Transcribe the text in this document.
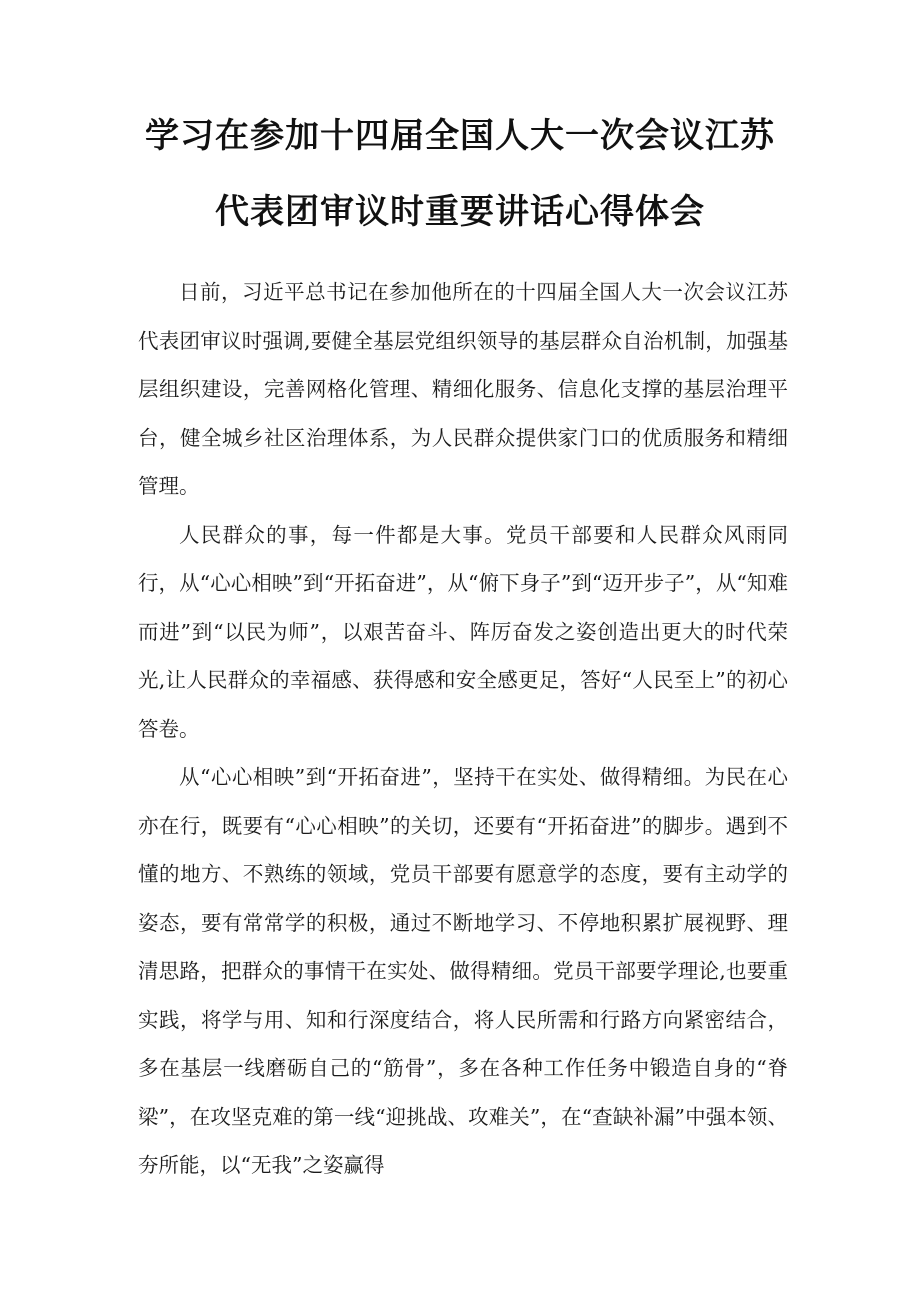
学习在参加十四届全国人大一次会议江苏
代表团审议时重要讲话心得体会

日前，习近平总书记在参加他所在的十四届全国人大一次会议江苏代表团审议时强调,要健全基层党组织领导的基层群众自治机制，加强基层组织建设，完善网格化管理、精细化服务、信息化支撑的基层治理平台，健全城乡社区治理体系，为人民群众提供家门口的优质服务和精细管理。

人民群众的事，每一件都是大事。党员干部要和人民群众风雨同行，从“心心相映”到“开拓奋进”，从“俯下身子”到“迈开步子”，从“知难而进”到“以民为师”，以艰苦奋斗、阵厉奋发之姿创造出更大的时代荣光,让人民群众的幸福感、获得感和安全感更足，答好“人民至上”的初心答卷。

从“心心相映”到“开拓奋进”，坚持干在实处、做得精细。为民在心亦在行，既要有“心心相映”的关切，还要有“开拓奋进”的脚步。遇到不懂的地方、不熟练的领域，党员干部要有愿意学的态度，要有主动学的姿态，要有常常学的积极，通过不断地学习、不停地积累扩展视野、理清思路，把群众的事情干在实处、做得精细。党员干部要学理论,也要重实践，将学与用、知和行深度结合，将人民所需和行路方向紧密结合，多在基层一线磨砺自己的“筋骨”，多在各种工作任务中锻造自身的“脊梁”，在攻坚克难的第一线“迎挑战、攻难关”，在“查缺补漏”中强本领、夯所能，以“无我”之姿赢得
